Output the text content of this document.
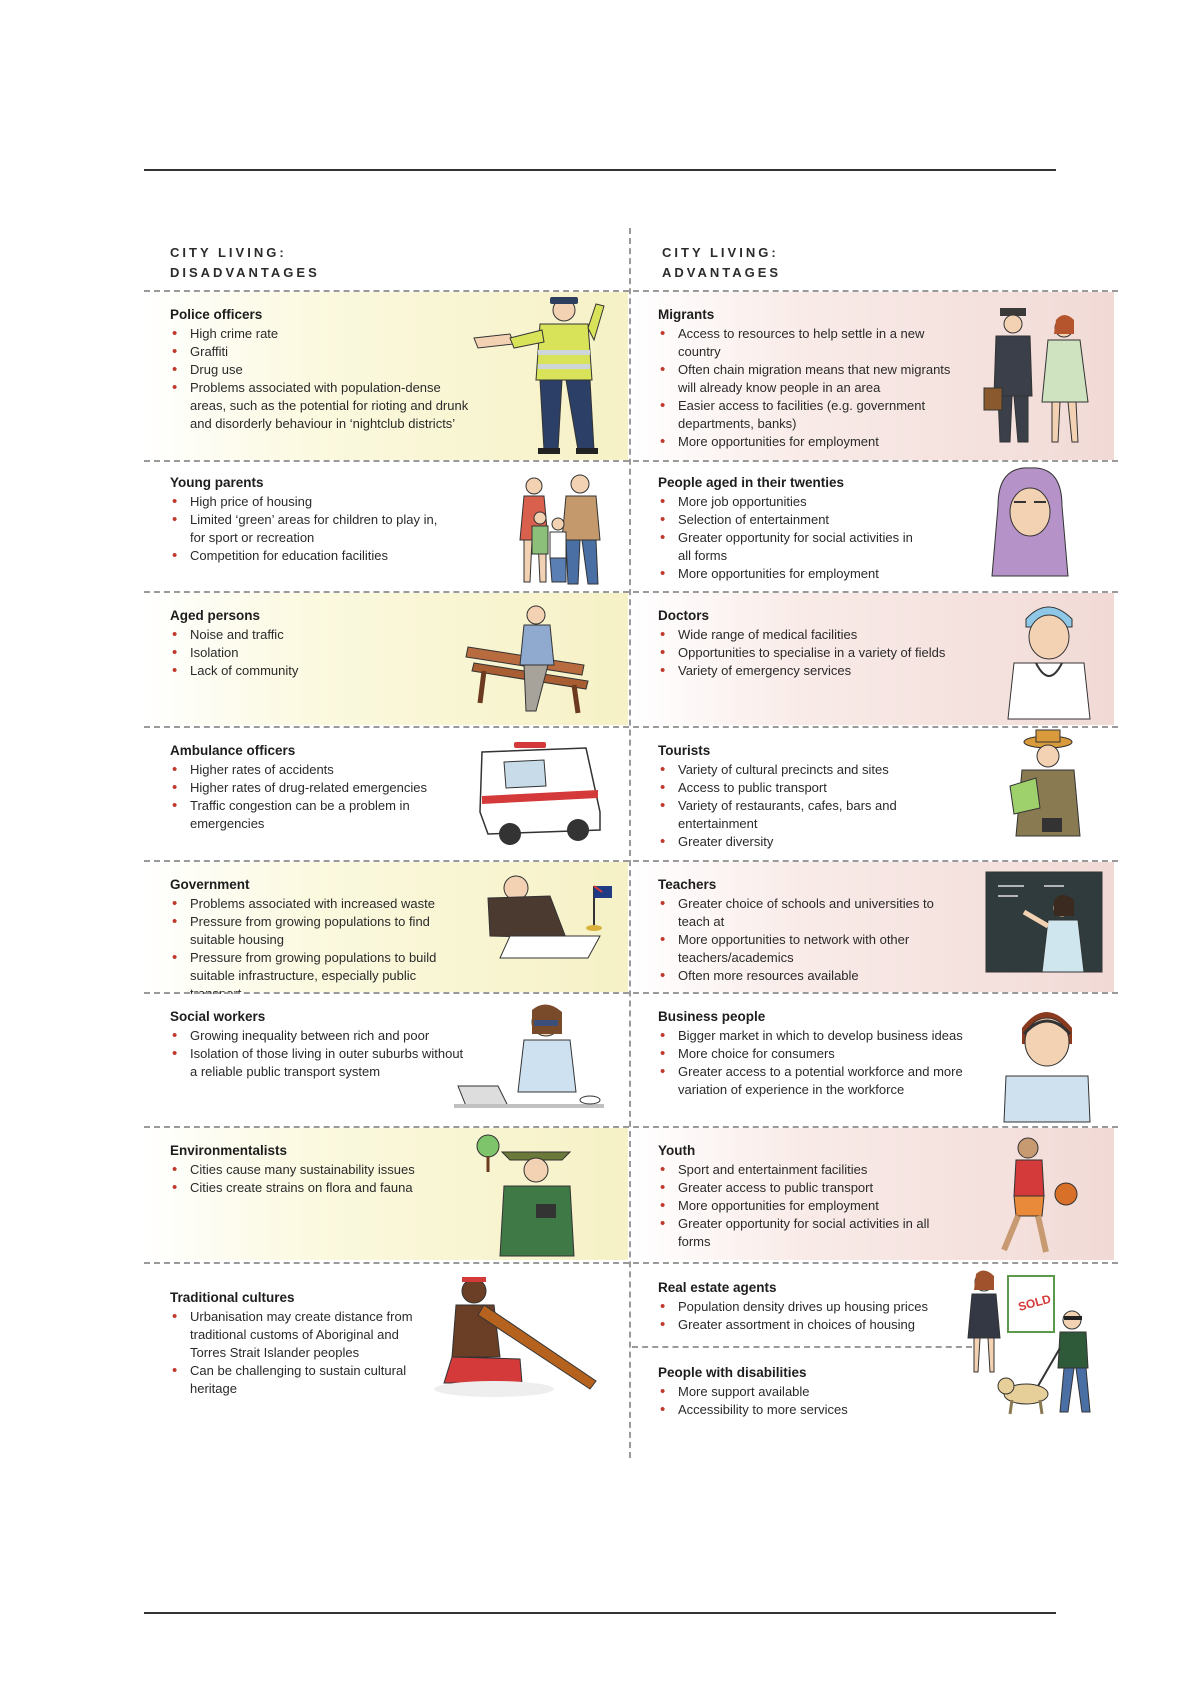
CITY LIVING:
DISADVANTAGES
CITY LIVING:
ADVANTAGES
Police officers
• High crime rate
• Graffiti
• Drug use
• Problems associated with population-dense areas, such as the potential for rioting and drunk and disorderly behaviour in ‘nightclub districts’
Young parents
• High price of housing
• Limited ‘green’ areas for children to play in, for sport or recreation
• Competition for education facilities
Aged persons
• Noise and traffic
• Isolation
• Lack of community
Ambulance officers
• Higher rates of accidents
• Higher rates of drug-related emergencies
• Traffic congestion can be a problem in emergencies
Government
• Problems associated with increased waste
• Pressure from growing populations to find suitable housing
• Pressure from growing populations to build suitable infrastructure, especially public
Social workers
• Growing inequality between rich and poor
• Isolation of those living in outer suburbs without a reliable public transport system
Environmentalists
• Cities cause many sustainability issues
• Cities create strains on flora and fauna
Traditional cultures
• Urbanisation may create distance from traditional customs of Aboriginal and Torres Strait Islander peoples
• Can be challenging to sustain cultural heritage
Migrants
• Access to resources to help settle in a new country
• Often chain migration means that new migrants will already know people in an area
• Easier access to facilities (e.g. government departments, banks)
• More opportunities for employment
People aged in their twenties
• More job opportunities
• Selection of entertainment
• Greater opportunity for social activities in all forms
• More opportunities for employment
Doctors
• Wide range of medical facilities
• Opportunities to specialise in a variety of fields
• Variety of emergency services
Tourists
• Variety of cultural precincts and sites
• Access to public transport
• Variety of restaurants, cafes, bars and entertainment
• Greater diversity
Teachers
• Greater choice of schools and universities to teach at
• More opportunities to network with other teachers/academics
• Often more resources available
Business people
• Bigger market in which to develop business ideas
• More choice for consumers
• Greater access to a potential workforce and more variation of experience in the workforce
Youth
• Sport and entertainment facilities
• Greater access to public transport
• More opportunities for employment
• Greater opportunity for social activities in all forms
Real estate agents
• Population density drives up housing prices
• Greater assortment in choices of housing
People with disabilities
• More support available
• Accessibility to more services
SOLD
